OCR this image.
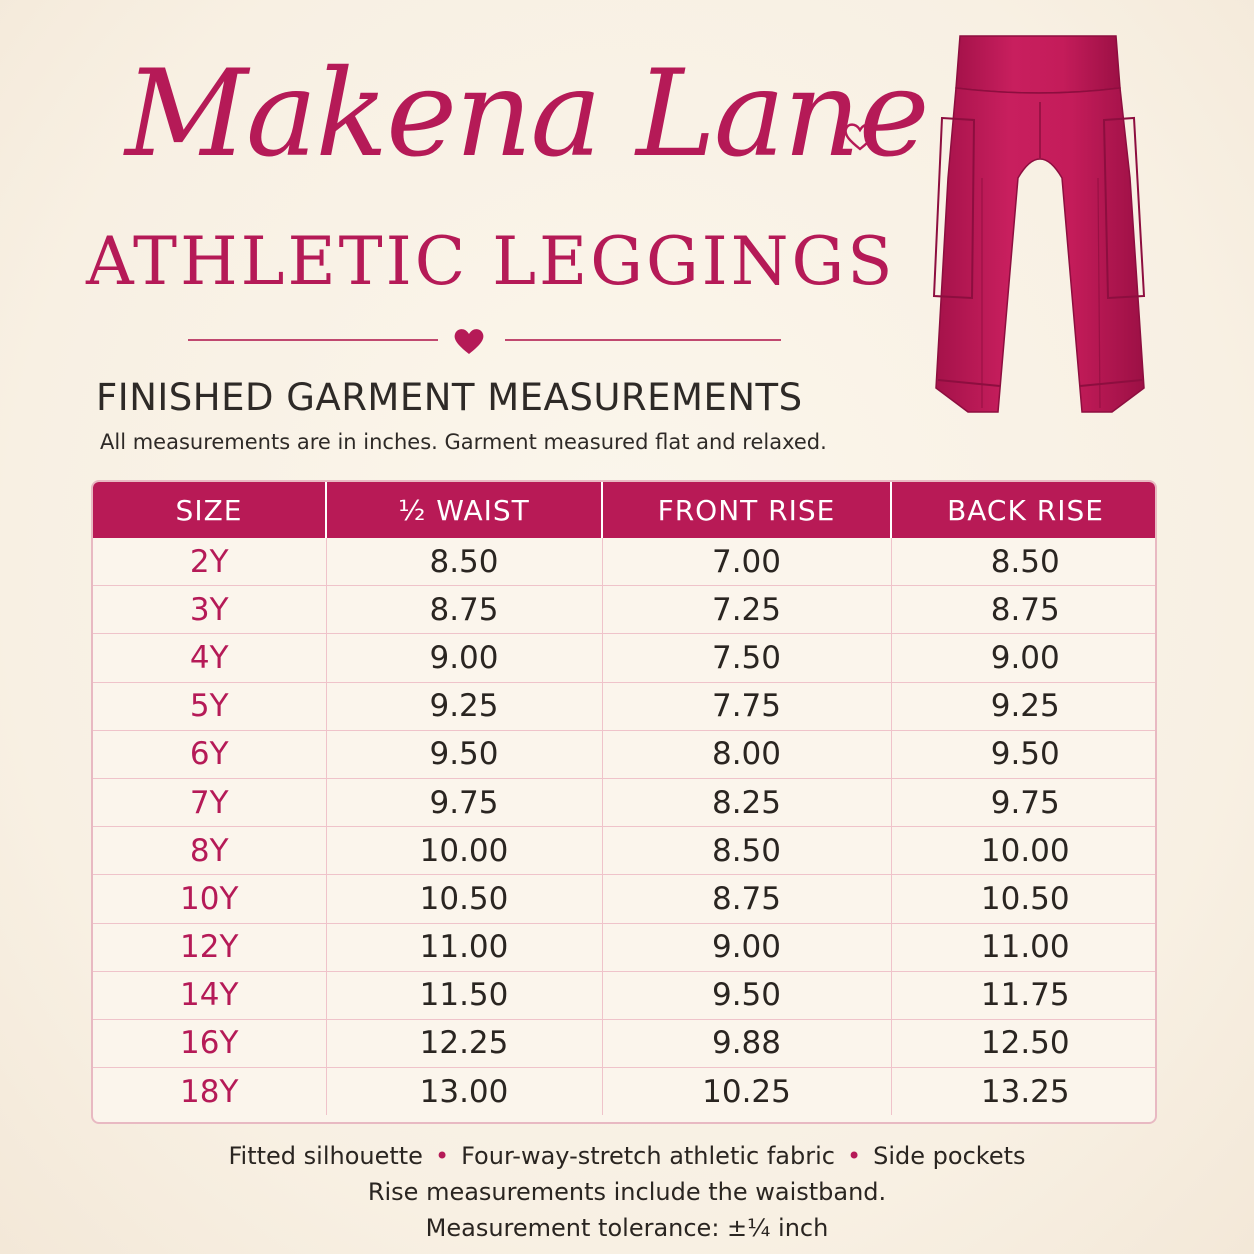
Makena Lane
ATHLETIC LEGGINGS
FINISHED GARMENT MEASUREMENTS
All measurements are in inches. Garment measured flat and relaxed.
SIZE	½ WAIST	FRONT RISE	BACK RISE
2Y	8.50	7.00	8.50
3Y	8.75	7.25	8.75
4Y	9.00	7.50	9.00
5Y	9.25	7.75	9.25
6Y	9.50	8.00	9.50
7Y	9.75	8.25	9.75
8Y	10.00	8.50	10.00
10Y	10.50	8.75	10.50
12Y	11.00	9.00	11.00
14Y	11.50	9.50	11.75
16Y	12.25	9.88	12.50
18Y	13.00	10.25	13.25
Fitted silhouette • Four-way-stretch athletic fabric • Side pockets
Rise measurements include the waistband.
Measurement tolerance: ±¼ inch
